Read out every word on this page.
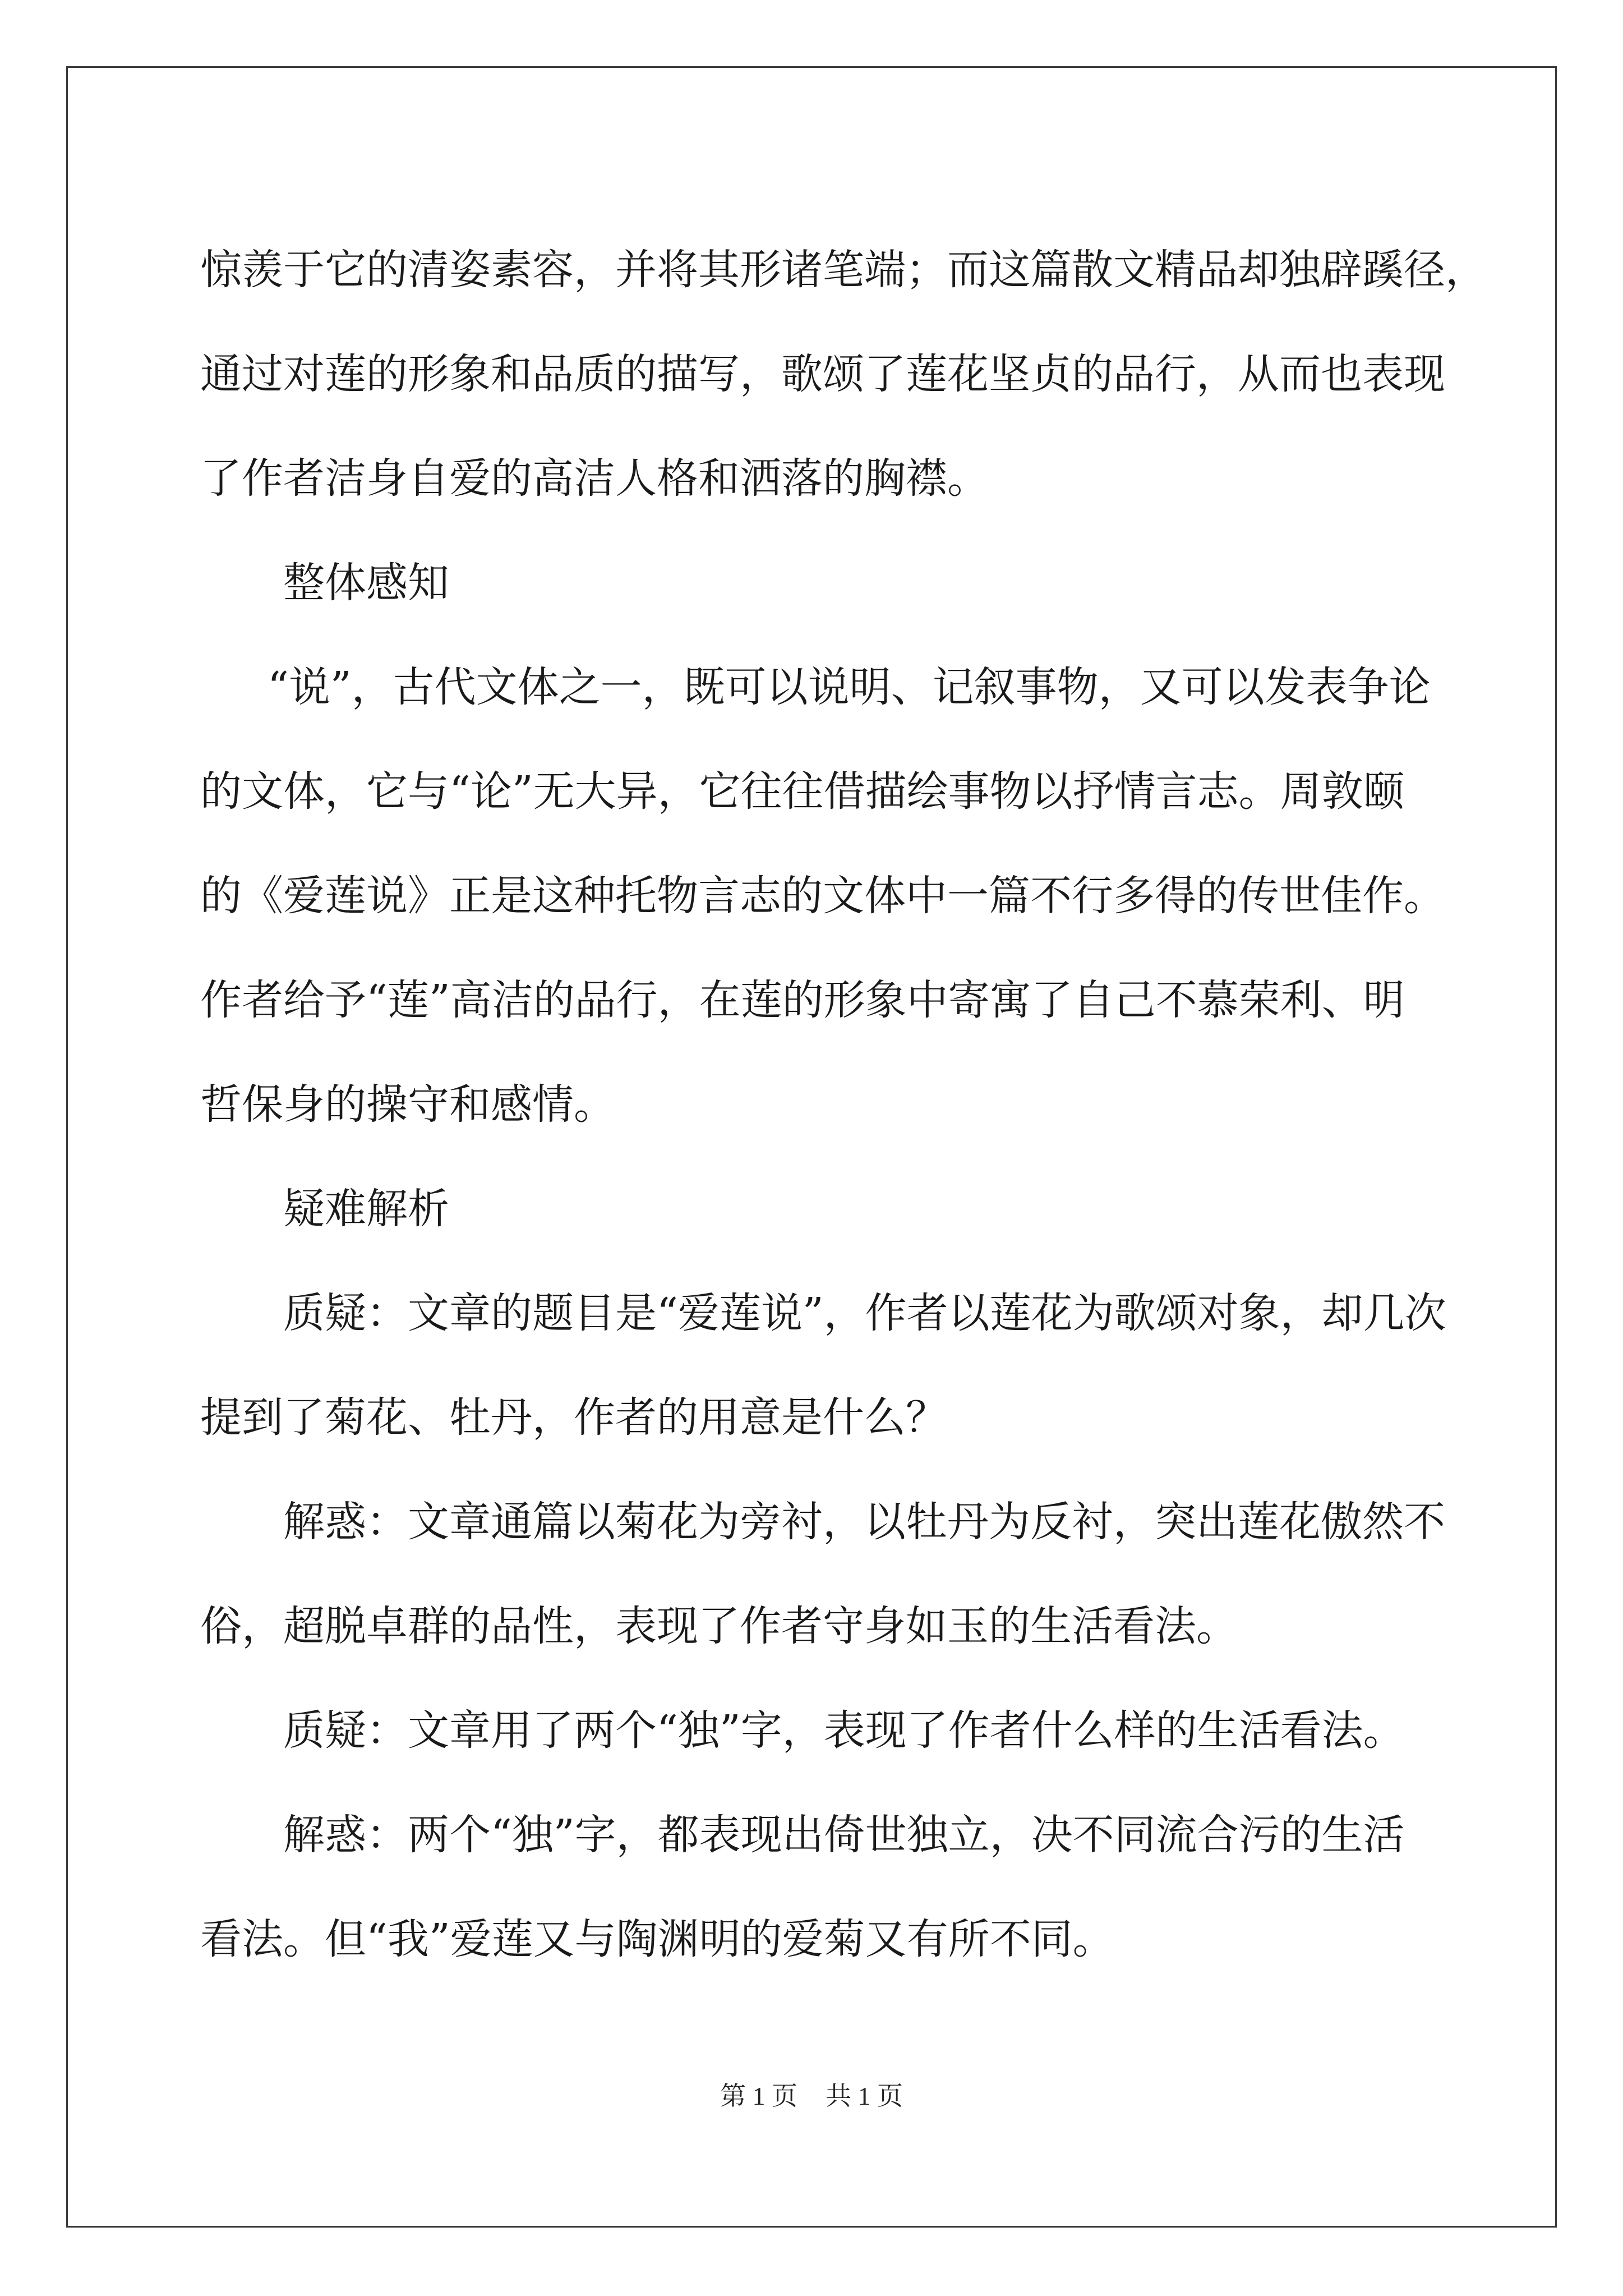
惊羡于它的清姿素容，并将其形诸笔端；而这篇散文精品却独辟蹊径，
通过对莲的形象和品质的描写，歌颂了莲花坚贞的品行，从而也表现
了作者洁身自爱的高洁人格和洒落的胸襟。
整体感知
“说”，古代文体之一，既可以说明、记叙事物，又可以发表争论
的文体，它与“论”无大异，它往往借描绘事物以抒情言志。周敦颐
的《爱莲说》正是这种托物言志的文体中一篇不行多得的传世佳作。
作者给予“莲”高洁的品行，在莲的形象中寄寓了自己不慕荣利、明
哲保身的操守和感情。
疑难解析
质疑：文章的题目是“爱莲说”，作者以莲花为歌颂对象，却几次
提到了菊花、牡丹，作者的用意是什么？
解惑：文章通篇以菊花为旁衬，以牡丹为反衬，突出莲花傲然不
俗，超脱卓群的品性，表现了作者守身如玉的生活看法。
质疑：文章用了两个“独”字，表现了作者什么样的生活看法。
解惑：两个“独”字，都表现出倚世独立，决不同流合污的生活
看法。但“我”爱莲又与陶渊明的爱菊又有所不同。
第 1 页 共 1 页
